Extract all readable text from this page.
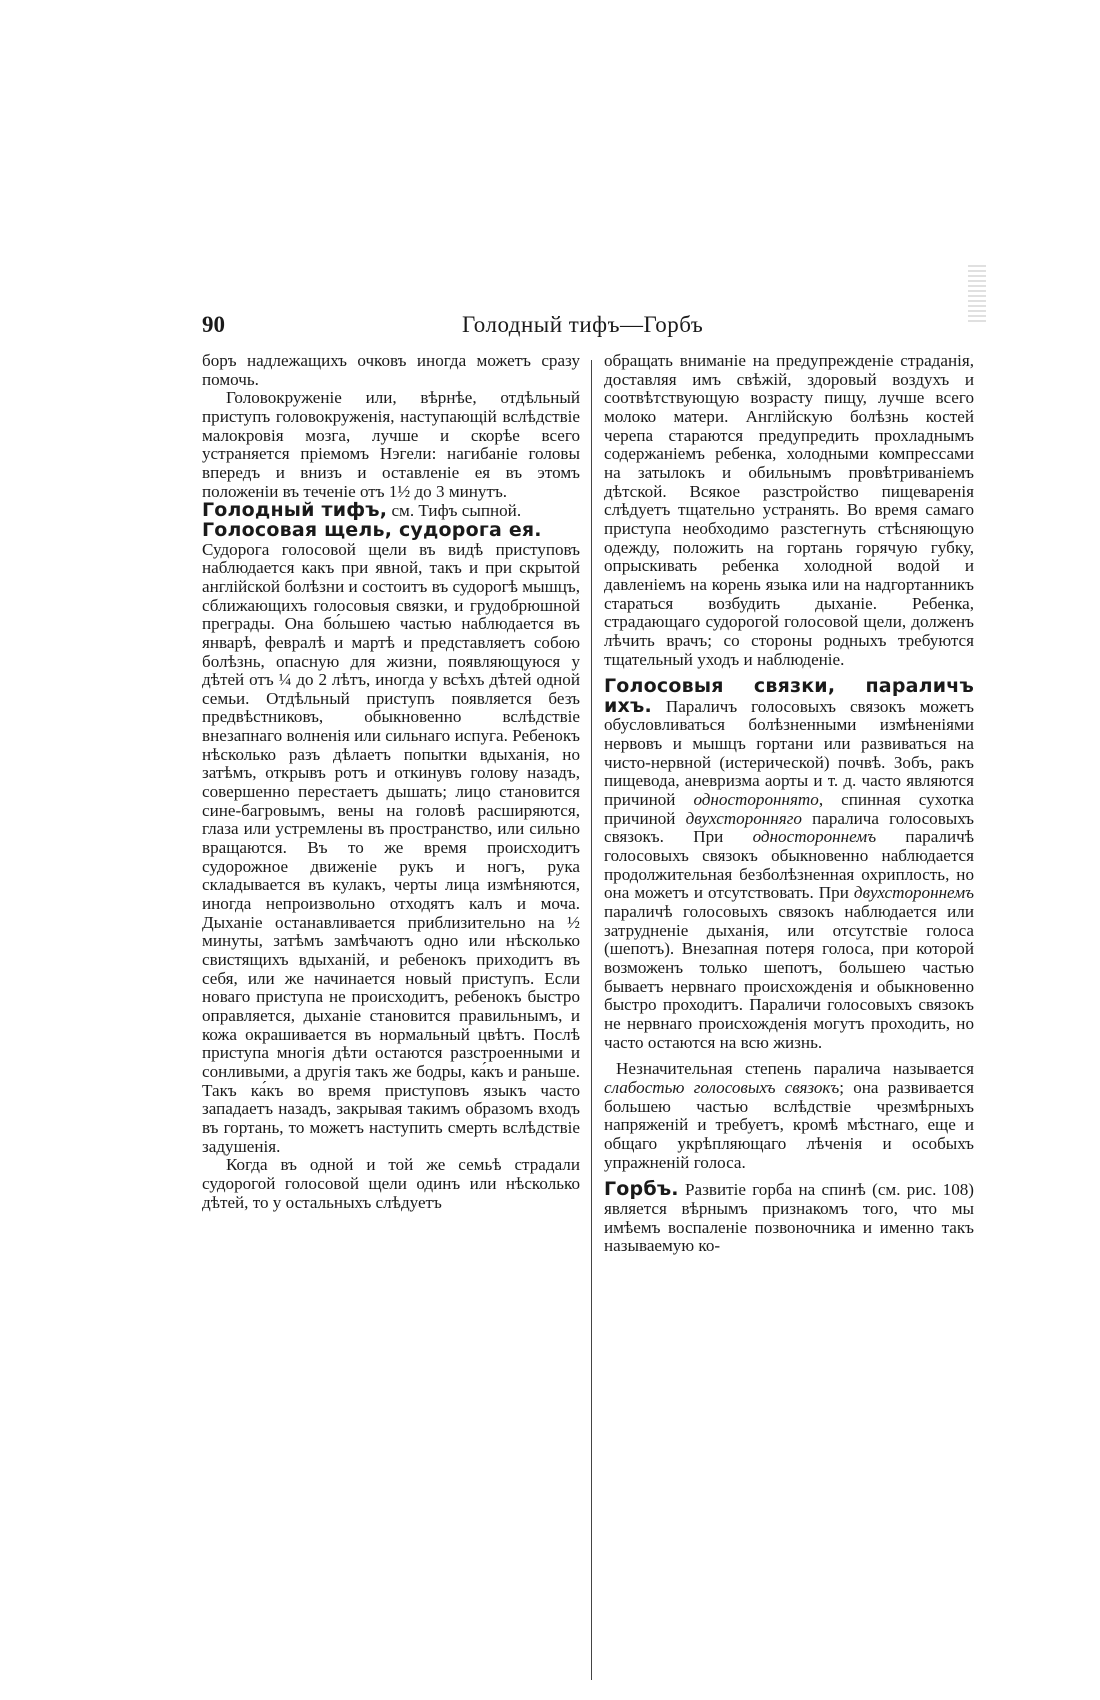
90	Голодный тифъ—Горбъ

боръ надлежащихъ очковъ иногда можетъ сразу помочь.

Головокруженіе или, вѣрнѣе, отдѣльный приступъ головокруженія, наступающій вслѣдствіе малокровія мозга, лучше и скорѣе всего устраняется пріемомъ Нэгели: нагибаніе головы впередъ и внизъ и оставленіе ея въ этомъ положеніи въ теченіе отъ 1½ до 3 минутъ.

Голодный тифъ, см. Тифъ сыпной.

Голосовая щель, судорога ея.

Судорога голосовой щели въ видѣ приступовъ наблюдается какъ при явной, такъ и при скрытой англійской болѣзни и состоитъ въ судорогѣ мышцъ, сближающихъ голосовыя связки, и грудобрюшной преграды. Она бо́льшею частью наблюдается въ январѣ, февралѣ и мартѣ и представляетъ собою болѣзнь, опасную для жизни, появляющуюся у дѣтей отъ ¼ до 2 лѣтъ, иногда у всѣхъ дѣтей одной семьи. Отдѣльный приступъ появляется безъ предвѣстниковъ, обыкновенно вслѣдствіе внезапнаго волненія или сильнаго испуга. Ребенокъ нѣсколько разъ дѣлаетъ попытки вдыханія, но затѣмъ, открывъ ротъ и откинувъ голову назадъ, совершенно перестаетъ дышать; лицо становится сине-багровымъ, вены на головѣ расширяются, глаза или устремлены въ пространство, или сильно вращаются. Въ то же время происходитъ судорожное движеніе рукъ и ногъ, рука складывается въ кулакъ, черты лица измѣняются, иногда непроизвольно отходятъ калъ и моча. Дыханіе останавливается приблизительно на ½ минуты, затѣмъ замѣчаютъ одно или нѣсколько свистящихъ вдыханій, и ребенокъ приходитъ въ себя, или же начинается новый приступъ. Если новаго приступа не происходитъ, ребенокъ быстро оправляется, дыханіе становится правильнымъ, и кожа окрашивается въ нормальный цвѣтъ. Послѣ приступа многія дѣти остаются разстроенными и сонливыми, а другія такъ же бодры, ка́къ и раньше. Такъ ка́къ во время приступовъ языкъ часто западаетъ назадъ, закрывая такимъ образомъ входъ въ гортань, то можетъ наступить смерть вслѣдствіе задушенія.

Когда въ одной и той же семьѣ страдали судорогой голосовой щели одинъ или нѣсколько дѣтей, то у остальныхъ слѣдуетъ

обращать вниманіе на предупрежденіе страданія, доставляя имъ свѣжій, здоровый воздухъ и соотвѣтствующую возрасту пищу, лучше всего молоко матери. Англійскую болѣзнь костей черепа стараются предупредить прохладнымъ содержаніемъ ребенка, холодными компрессами на затылокъ и обильнымъ провѣтриваніемъ дѣтской. Всякое разстройство пищеваренія слѣдуетъ тщательно устранять. Во время самаго приступа необходимо разстегнуть стѣсняющую одежду, положить на гортань горячую губку, опрыскивать ребенка холодной водой и давленіемъ на корень языка или на надгортанникъ стараться возбудить дыханіе. Ребенка, страдающаго судорогой голосовой щели, долженъ лѣчить врачъ; со стороны родныхъ требуются тщательный уходъ и наблюденіе.

Голосовыя связки, параличъ ихъ. Параличъ голосовыхъ связокъ можетъ обусловливаться болѣзненными измѣненіями нервовъ и мышцъ гортани или развиваться на чисто-нервной (истерической) почвѣ. Зобъ, ракъ пищевода, аневризма аорты и т. д. часто являются причиной одностороннято, спинная сухотка причиной двухсторонняго паралича голосовыхъ связокъ. При одностороннемъ параличѣ голосовыхъ связокъ обыкновенно наблюдается продолжительная безболѣзненная охриплость, но она можетъ и отсутствовать. При двухстороннемъ параличѣ голосовыхъ связокъ наблюдается или затрудненіе дыханія, или отсутствіе голоса (шепотъ). Внезапная потеря голоса, при которой возможенъ только шепотъ, большею частью бываетъ нервнаго происхожденія и обыкновенно быстро проходитъ. Параличи голосовыхъ связокъ не нервнаго происхожденія могутъ проходить, но часто остаются на всю жизнь.

Незначительная степень паралича называется слабостью голосовыхъ связокъ; она развивается большею частью вслѣдствіе чрезмѣрныхъ напряженій и требуетъ, кромѣ мѣстнаго, еще и общаго укрѣпляющаго лѣченія и особыхъ упражненій голоса.

Горбъ. Развитіе горба на спинѣ (см. рис. 108) является вѣрнымъ признакомъ того, что мы имѣемъ воспаленіе позвоночника и именно такъ называемую ко-
